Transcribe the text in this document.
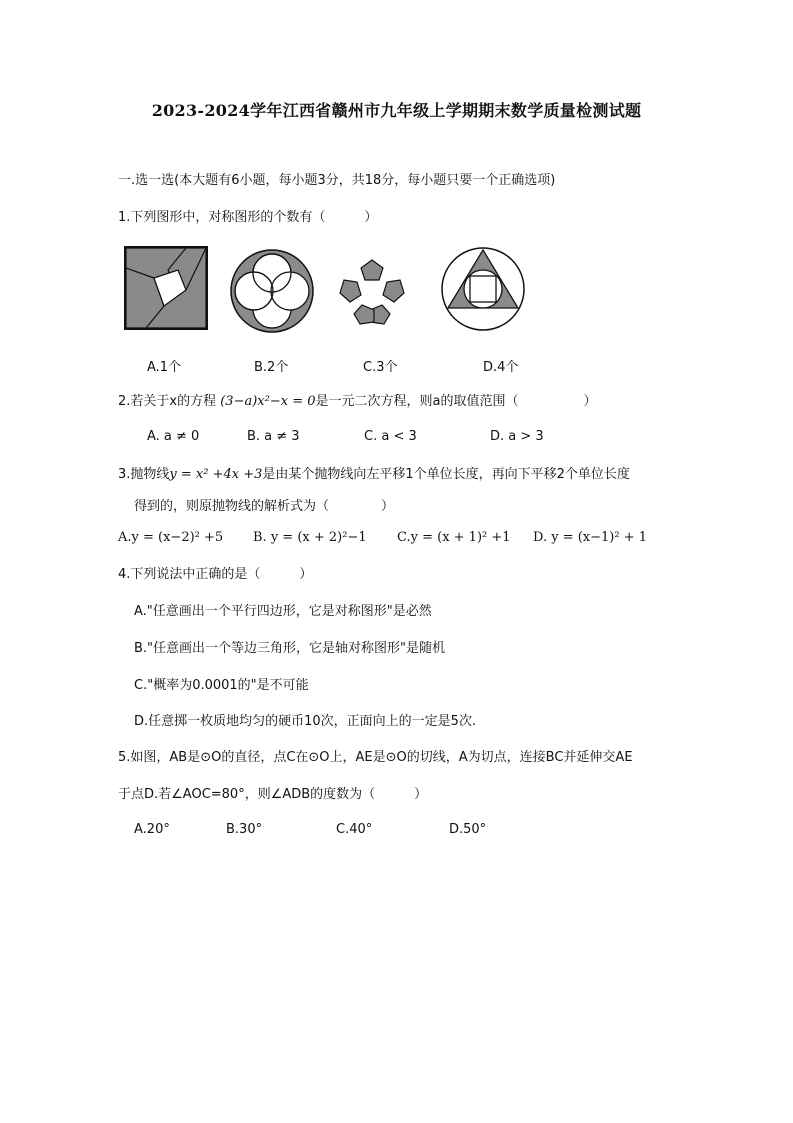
2023-2024学年江西省赣州市九年级上学期期末数学质量检测试题
一.选一选(本大题有6小题，每小题3分，共18分，每小题只要一个正确选项)
1.下列图形中，对称图形的个数有（　　　）
A.1个	B.2个	C.3个	D.4个
2.若关于x的方程 (3−a)x²−x = 0是一元二次方程，则a的取值范围（　　　　　）
A. a ≠ 0	B. a ≠ 3	C. a < 3	D. a > 3
3.抛物线y = x² +4x +3是由某个抛物线向左平移1个单位长度，再向下平移2个单位长度
得到的，则原抛物线的解析式为（　　　　）
A.y = (x−2)² +5 B. y = (x + 2)²−1 C.y = (x + 1)² +1 D. y = (x−1)² + 1
4.下列说法中正确的是（　　　）
A."任意画出一个平行四边形，它是对称图形"是必然
B."任意画出一个等边三角形，它是轴对称图形"是随机
C."概率为0.0001的"是不可能
D.任意掷一枚质地均匀的硬币10次，正面向上的一定是5次.
5.如图，AB是⊙O的直径，点C在⊙O上，AE是⊙O的切线，A为切点，连接BC并延伸交AE
于点D.若∠AOC=80°，则∠ADB的度数为（　　　）
A.20°	B.30°	C.40°	D.50°
